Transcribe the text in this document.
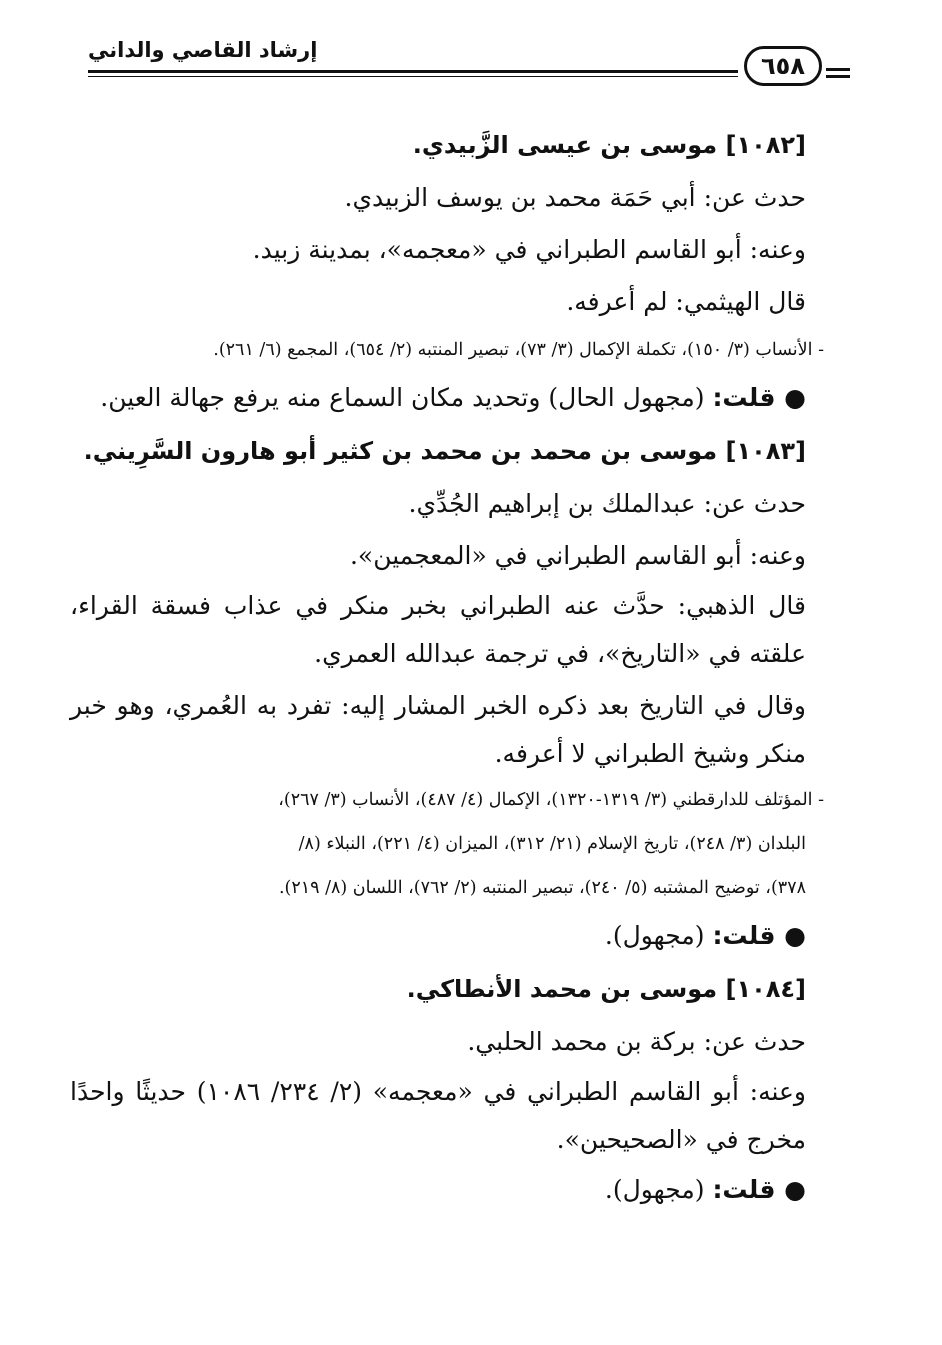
٦٥٨
إرشاد القاصي والداني
[١٠٨٢] موسى بن عيسى الزَّبيدي.
حدث عن: أبي حَمَة محمد بن يوسف الزبيدي.
وعنه: أبو القاسم الطبراني في «معجمه»، بمدينة زبيد.
قال الهيثمي: لم أعرفه.
- الأنساب (٣/ ١٥٠)، تكملة الإكمال (٣/ ٧٣)، تبصير المنتبه (٢/ ٦٥٤)، المجمع (٦/ ٢٦١).
● قلت: (مجهول الحال) وتحديد مكان السماع منه يرفع جهالة العين.
[١٠٨٣] موسى بن محمد بن محمد بن كثير أبو هارون السَّرِيني.
حدث عن: عبدالملك بن إبراهيم الجُدِّي.
وعنه: أبو القاسم الطبراني في «المعجمين».
قال الذهبي: حدَّث عنه الطبراني بخبر منكر في عذاب فسقة القراء، علقته في «التاريخ»، في ترجمة عبدالله العمري.
وقال في التاريخ بعد ذكره الخبر المشار إليه: تفرد به العُمري، وهو خبر منكر وشيخ الطبراني لا أعرفه.
- المؤتلف للدارقطني (٣/ ١٣١٩-١٣٢٠)، الإكمال (٤/ ٤٨٧)، الأنساب (٣/ ٢٦٧)،
البلدان (٣/ ٢٤٨)، تاريخ الإسلام (٢١/ ٣١٢)، الميزان (٤/ ٢٢١)، النبلاء (٨/
٣٧٨)، توضيح المشتبه (٥/ ٢٤٠)، تبصير المنتبه (٢/ ٧٦٢)، اللسان (٨/ ٢١٩).
● قلت: (مجهول).
[١٠٨٤] موسى بن محمد الأنطاكي.
حدث عن: بركة بن محمد الحلبي.
وعنه: أبو القاسم الطبراني في «معجمه» (٢/ ٢٣٤/ ١٠٨٦) حديثًا واحدًا مخرج في «الصحيحين».
● قلت: (مجهول).
